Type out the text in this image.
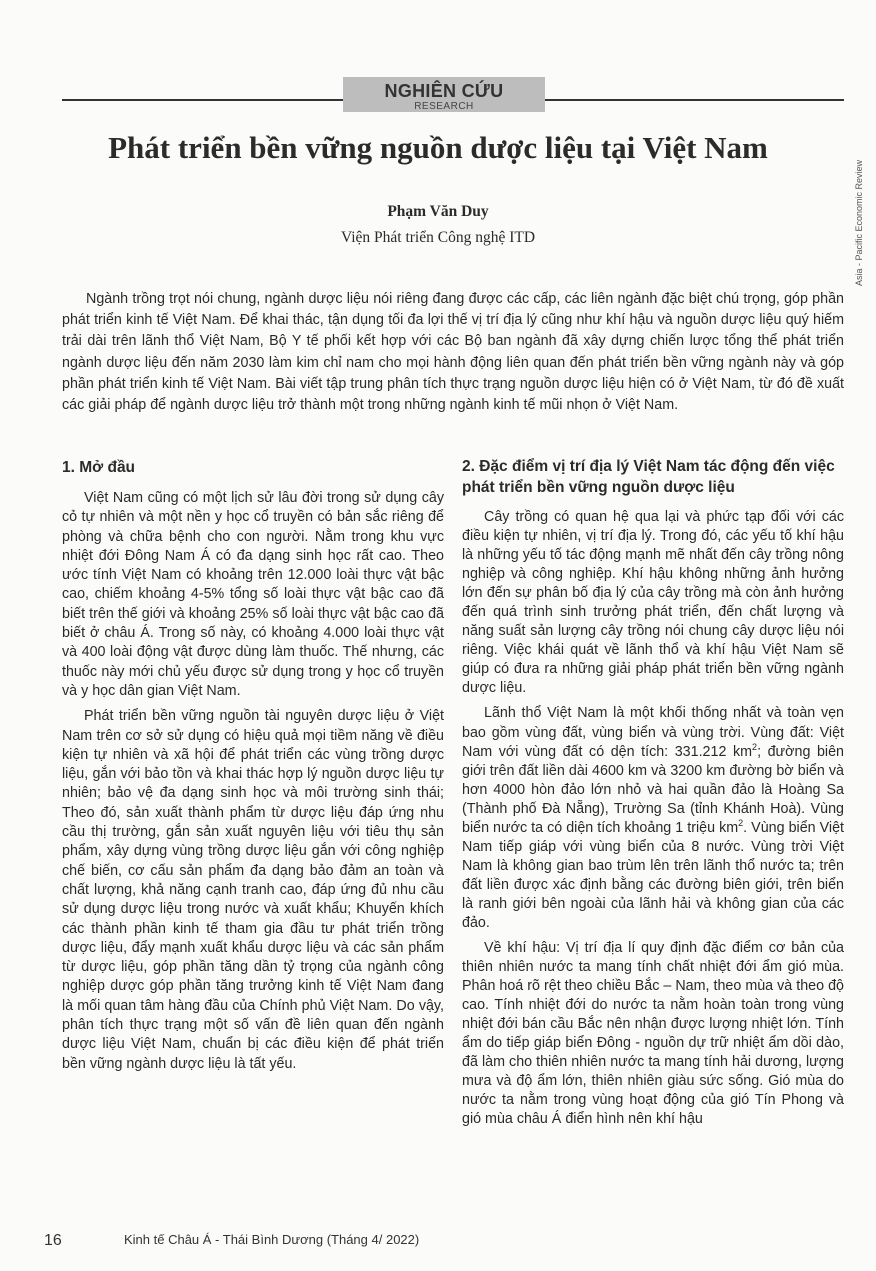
NGHIÊN CỨU
RESEARCH
Asia - Pacific Economic Review
Phát triển bền vững nguồn dược liệu tại Việt Nam
Phạm Văn Duy
Viện Phát triển Công nghệ ITD

Ngành trồng trọt nói chung, ngành dược liệu nói riêng đang được các cấp, các liên ngành đặc biệt chú trọng, góp phần phát triển kinh tế Việt Nam. Để khai thác, tận dụng tối đa lợi thế vị trí địa lý cũng như khí hậu và nguồn dược liệu quý hiếm trải dài trên lãnh thổ Việt Nam, Bộ Y tế phối kết hợp với các Bộ ban ngành đã xây dựng chiến lược tổng thể phát triển ngành dược liệu đến năm 2030 làm kim chỉ nam cho mọi hành động liên quan đến phát triển bền vững ngành này và góp phần phát triển kinh tế Việt Nam. Bài viết tập trung phân tích thực trạng nguồn dược liệu hiện có ở Việt Nam, từ đó đề xuất các giải pháp để ngành dược liệu trở thành một trong những ngành kinh tế mũi nhọn ở Việt Nam.

1. Mở đầu

Việt Nam cũng có một lịch sử lâu đời trong sử dụng cây cỏ tự nhiên và một nền y học cổ truyền có bản sắc riêng để phòng và chữa bệnh cho con người. Nằm trong khu vực nhiệt đới Đông Nam Á có đa dạng sinh học rất cao. Theo ước tính Việt Nam có khoảng trên 12.000 loài thực vật bậc cao, chiếm khoảng 4-5% tổng số loài thực vật bậc cao đã biết trên thế giới và khoảng 25% số loài thực vật bậc cao đã biết ở châu Á. Trong số này, có khoảng 4.000 loài thực vật và 400 loài động vật được dùng làm thuốc. Thế nhưng, các thuốc này mới chủ yếu được sử dụng trong y học cổ truyền và y học dân gian Việt Nam.

Phát triển bền vững nguồn tài nguyên dược liệu ở Việt Nam trên cơ sở sử dụng có hiệu quả mọi tiềm năng về điều kiện tự nhiên và xã hội để phát triển các vùng trồng dược liệu, gắn với bảo tồn và khai thác hợp lý nguồn dược liệu tự nhiên; bảo vệ đa dạng sinh học và môi trường sinh thái; Theo đó, sản xuất thành phẩm từ dược liệu đáp ứng nhu cầu thị trường, gắn sản xuất nguyên liệu với tiêu thụ sản phẩm, xây dựng vùng trồng dược liệu gắn với công nghiệp chế biến, cơ cấu sản phẩm đa dạng bảo đảm an toàn và chất lượng, khả năng cạnh tranh cao, đáp ứng đủ nhu cầu sử dụng dược liệu trong nước và xuất khẩu; Khuyến khích các thành phần kinh tế tham gia đầu tư phát triển trồng dược liệu, đẩy mạnh xuất khẩu dược liệu và các sản phẩm từ dược liệu, góp phần tăng dần tỷ trọng của ngành công nghiệp dược góp phần tăng trưởng kinh tế Việt Nam đang là mối quan tâm hàng đầu của Chính phủ Việt Nam. Do vậy, phân tích thực trạng một số vấn đề liên quan đến ngành dược liệu Việt Nam, chuẩn bị các điều kiện để phát triển bền vững ngành dược liệu là tất yếu.

2. Đặc điểm vị trí địa lý Việt Nam tác động đến việc phát triển bền vững nguồn dược liệu

Cây trồng có quan hệ qua lại và phức tạp đối với các điều kiện tự nhiên, vị trí địa lý. Trong đó, các yếu tố khí hậu là những yếu tố tác động mạnh mẽ nhất đến cây trồng nông nghiệp và công nghiệp. Khí hậu không những ảnh hưởng lớn đến sự phân bố địa lý của cây trồng mà còn ảnh hưởng đến quá trình sinh trưởng phát triển, đến chất lượng và năng suất sản lượng cây trồng nói chung cây dược liệu nói riêng. Việc khái quát về lãnh thổ và khí hậu Việt Nam sẽ giúp có đưa ra những giải pháp phát triển bền vững ngành dược liệu.

Lãnh thổ Việt Nam là một khối thống nhất và toàn vẹn bao gồm vùng đất, vùng biển và vùng trời. Vùng đất: Việt Nam với vùng đất có dện tích: 331.212 $km^2$; đường biên giới trên đất liền dài 4600 km và 3200 km đường bờ biển và hơn 4000 hòn đảo lớn nhỏ và hai quần đảo là Hoàng Sa (Thành phố Đà Nẵng), Trường Sa (tỉnh Khánh Hoà). Vùng biển nước ta có diện tích khoảng 1 triệu $km^2$. Vùng biển Việt Nam tiếp giáp với vùng biển của 8 nước. Vùng trời Việt Nam là không gian bao trùm lên trên lãnh thổ nước ta; trên đất liền được xác định bằng các đường biên giới, trên biển là ranh giới bên ngoài của lãnh hải và không gian của các đảo.

Về khí hậu: Vị trí địa lí quy định đặc điểm cơ bản của thiên nhiên nước ta mang tính chất nhiệt đới ẩm gió mùa. Phân hoá rõ rệt theo chiều Bắc – Nam, theo mùa và theo độ cao. Tính nhiệt đới do nước ta nằm hoàn toàn trong vùng nhiệt đới bán cầu Bắc nên nhận được lượng nhiệt lớn. Tính ẩm do tiếp giáp biển Đông - nguồn dự trữ nhiệt ẩm dồi dào, đã làm cho thiên nhiên nước ta mang tính hải dương, lượng mưa và độ ẩm lớn, thiên nhiên giàu sức sống. Gió mùa do nước ta nằm trong vùng hoạt động của gió Tín Phong và gió mùa châu Á điển hình nên khí hậu

16	Kinh tế Châu Á - Thái Bình Dương (Tháng 4/ 2022)
